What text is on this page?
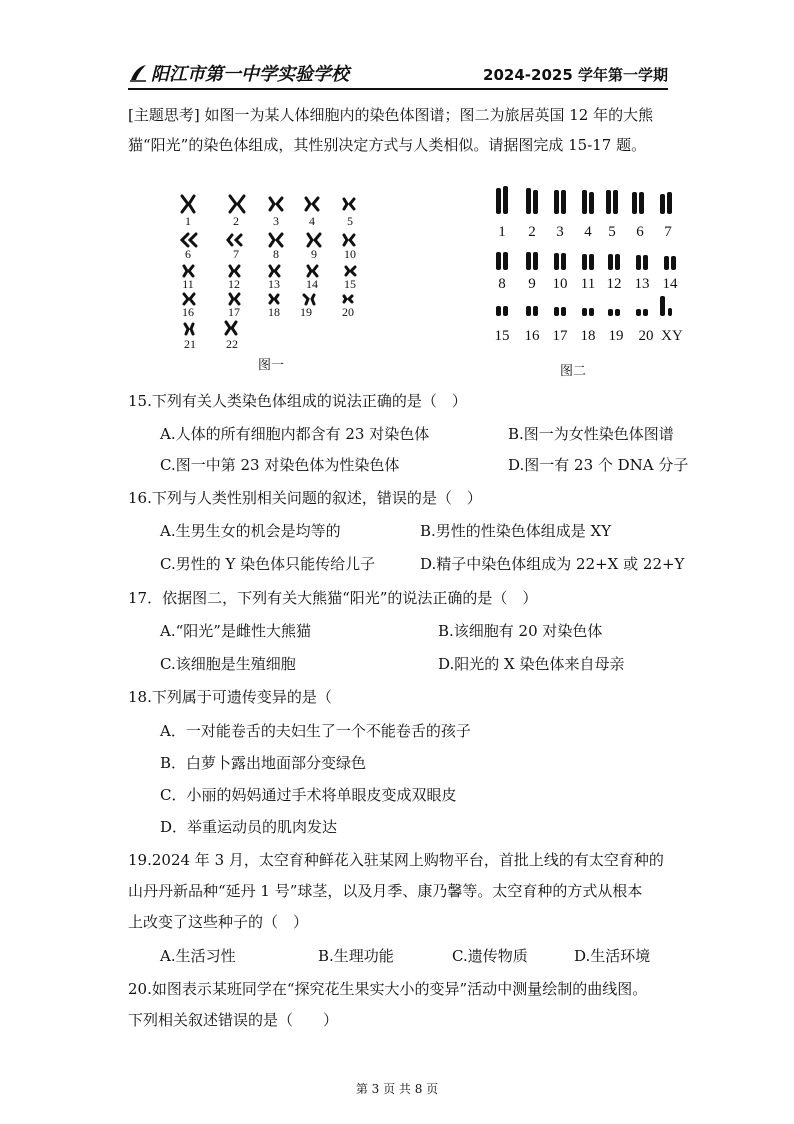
阳江市第一中学实验学校	2024-2025 学年第一学期
[主题思考] 如图一为某人体细胞内的染色体图谱；图二为旅居英国 12 年的大熊
猫“阳光”的染色体组成，其性别决定方式与人类相似。请据图完成 15-17 题。
1	2	3	4	5
6	7	8	9 10
11	12 13 14 15
16	17 18 19	20
21	22
图一
1 2 3 4 5 6 7
8 9 10 11 12 13 14
15 16 17 18 19 20 XY
图二
15.下列有关人类染色体组成的说法正确的是（　）
A.人体的所有细胞内都含有 23 对染色体	B.图一为女性染色体图谱
C.图一中第 23 对染色体为性染色体	D.图一有 23 个 DNA 分子
16.下列与人类性别相关问题的叙述，错误的是（　）
A.生男生女的机会是均等的	B.男性的性染色体组成是 XY
C.男性的 Y 染色体只能传给儿子	D.精子中染色体组成为 22+X 或 22+Y
17．依据图二，下列有关大熊猫“阳光”的说法正确的是（　）
A.“阳光”是雌性大熊猫	B.该细胞有 20 对染色体
C.该细胞是生殖细胞	D.阳光的 X 染色体来自母亲
18.下列属于可遗传变异的是（
A．一对能卷舌的夫妇生了一个不能卷舌的孩子
B．白萝卜露出地面部分变绿色
C．小丽的妈妈通过手术将单眼皮变成双眼皮
D．举重运动员的肌肉发达
19.2024 年 3 月，太空育种鲜花入驻某网上购物平台，首批上线的有太空育种的
山丹丹新品种“延丹 1 号”球茎，以及月季、康乃馨等。太空育种的方式从根本
上改变了这些种子的（　）
A.生活习性	B.生理功能	C.遗传物质	D.生活环境
20.如图表示某班同学在“探究花生果实大小的变异”活动中测量绘制的曲线图。
下列相关叙述错误的是（　　）
第 3 页 共 8 页
